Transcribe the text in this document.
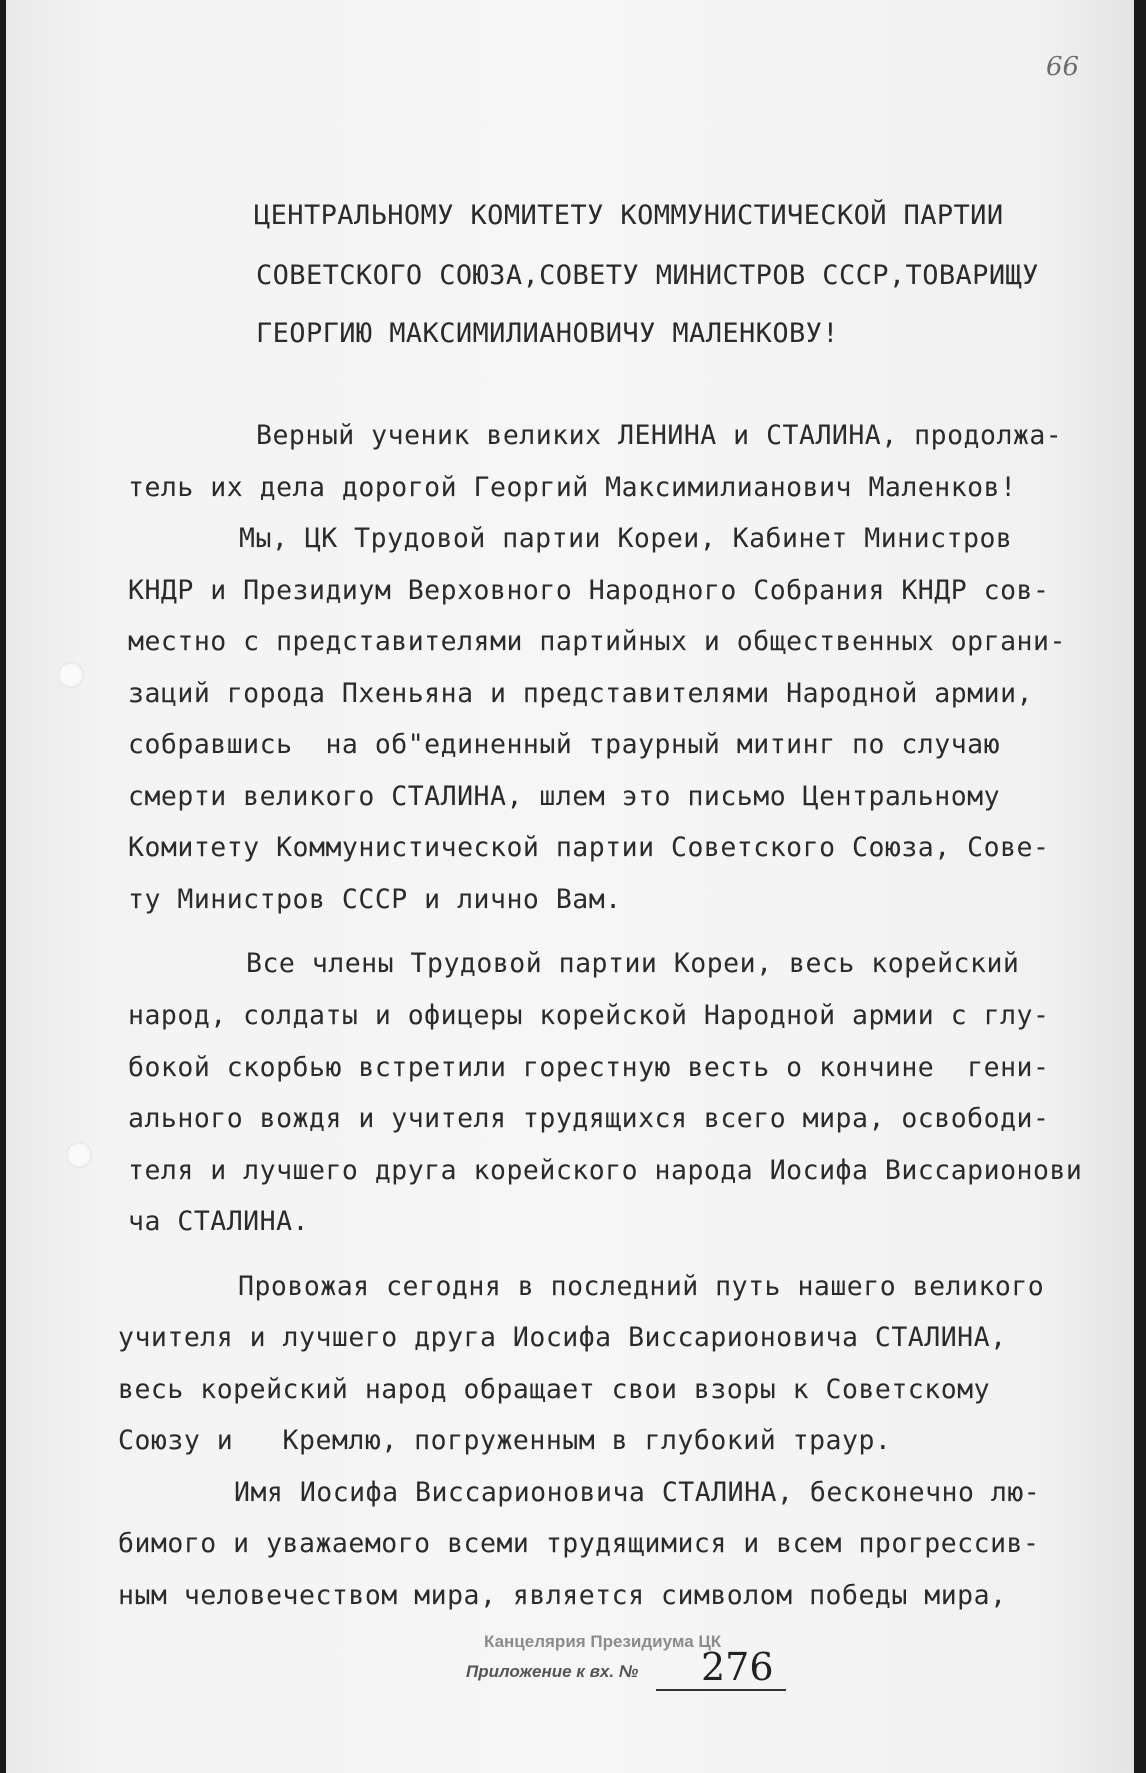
66
ЦЕНТРАЛЬНОМУ КОМИТЕТУ КОММУНИСТИЧЕСКОЙ ПАРТИИ
СОВЕТСКОГО СОЮЗА,СОВЕТУ МИНИСТРОВ СССР,ТОВАРИЩУ
ГЕОРГИЮ МАКСИМИЛИАНОВИЧУ МАЛЕНКОВУ!
Верный ученик великих ЛЕНИНА и СТАЛИНА, продолжа-
тель их дела дорогой Георгий Максимилианович Маленков!
Мы, ЦК Трудовой партии Кореи, Кабинет Министров
КНДР и Президиум Верховного Народного Собрания КНДР сов-
местно с представителями партийных и общественных органи-
заций города Пхеньяна и представителями Народной армии,
собравшись  на об"единенный траурный митинг по случаю
смерти великого СТАЛИНА, шлем это письмо Центральному
Комитету Коммунистической партии Советского Союза, Сове-
ту Министров СССР и лично Вам.
Все члены Трудовой партии Кореи, весь корейский
народ, солдаты и офицеры корейской Народной армии с глу-
бокой скорбью встретили горестную весть о кончине  гени-
ального вождя и учителя трудящихся всего мира, освободи-
теля и лучшего друга корейского народа Иосифа Виссарионови
ча СТАЛИНА.
Провожая сегодня в последний путь нашего великого
учителя и лучшего друга Иосифа Виссарионовича СТАЛИНА,
весь корейский народ обращает свои взоры к Советскому
Союзу и   Кремлю, погруженным в глубокий траур.
Имя Иосифа Виссарионовича СТАЛИНА, бесконечно лю-
бимого и уважаемого всеми трудящимися и всем прогрессив-
ным человечеством мира, является символом победы мира,
Канцелярия Президиума ЦК
Приложение к вх. № 276
